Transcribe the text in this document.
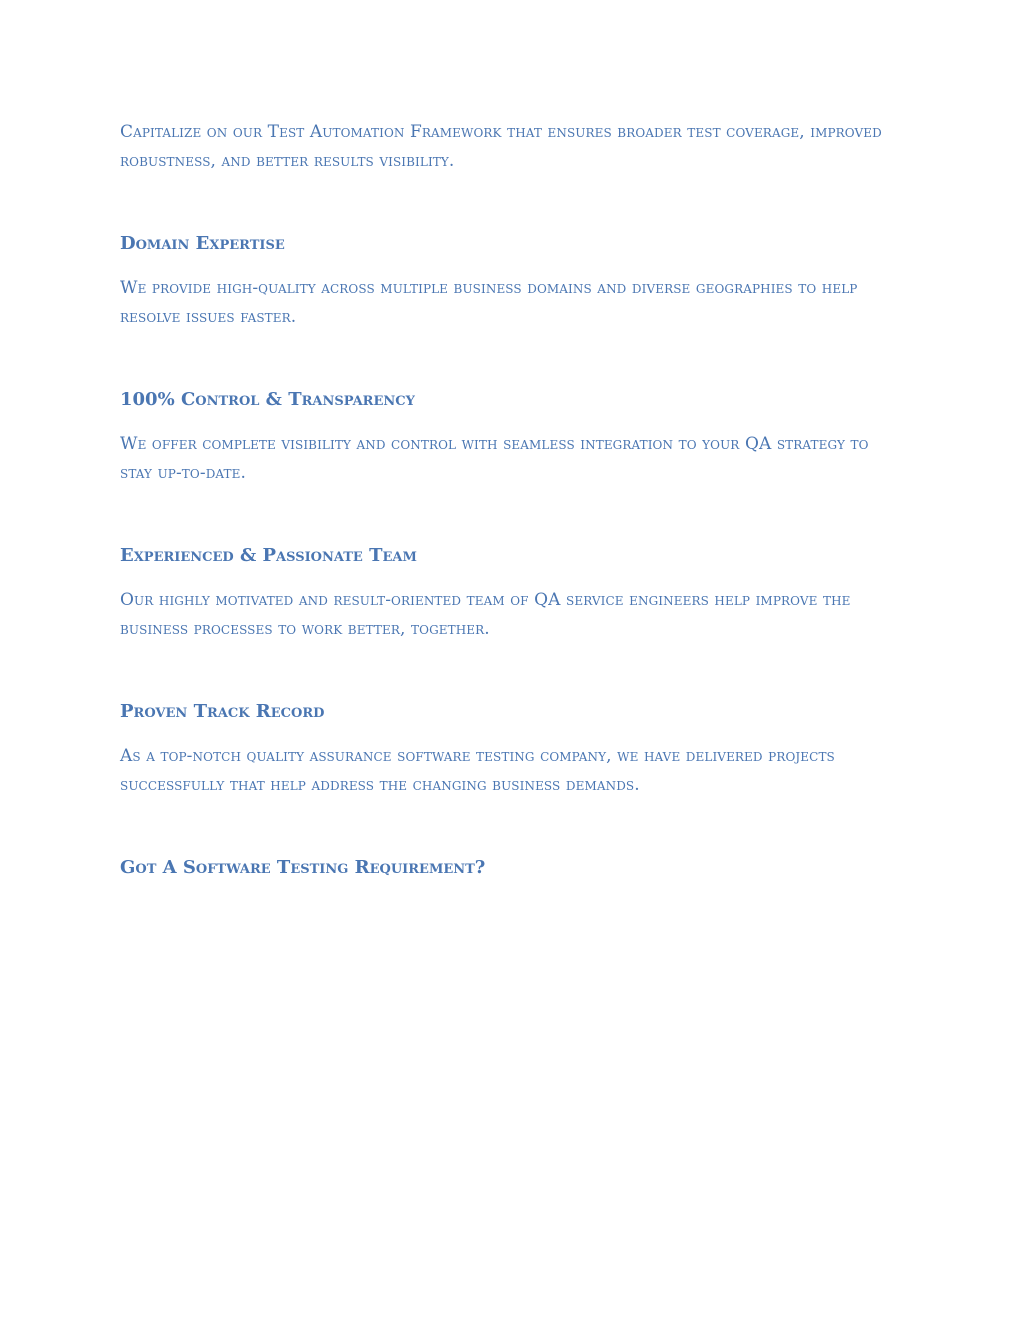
Capitalize on our Test Automation Framework that ensures broader test coverage, improved robustness, and better results visibility.

Domain Expertise

We provide high-quality across multiple business domains and diverse geographies to help resolve issues faster.

100% Control & Transparency

We offer complete visibility and control with seamless integration to your QA strategy to stay up-to-date.

Experienced & Passionate Team

Our highly motivated and result-oriented team of QA service engineers help improve the business processes to work better, together.

Proven Track Record

As a top-notch quality assurance software testing company, we have delivered projects successfully that help address the changing business demands.

Got A Software Testing Requirement?
